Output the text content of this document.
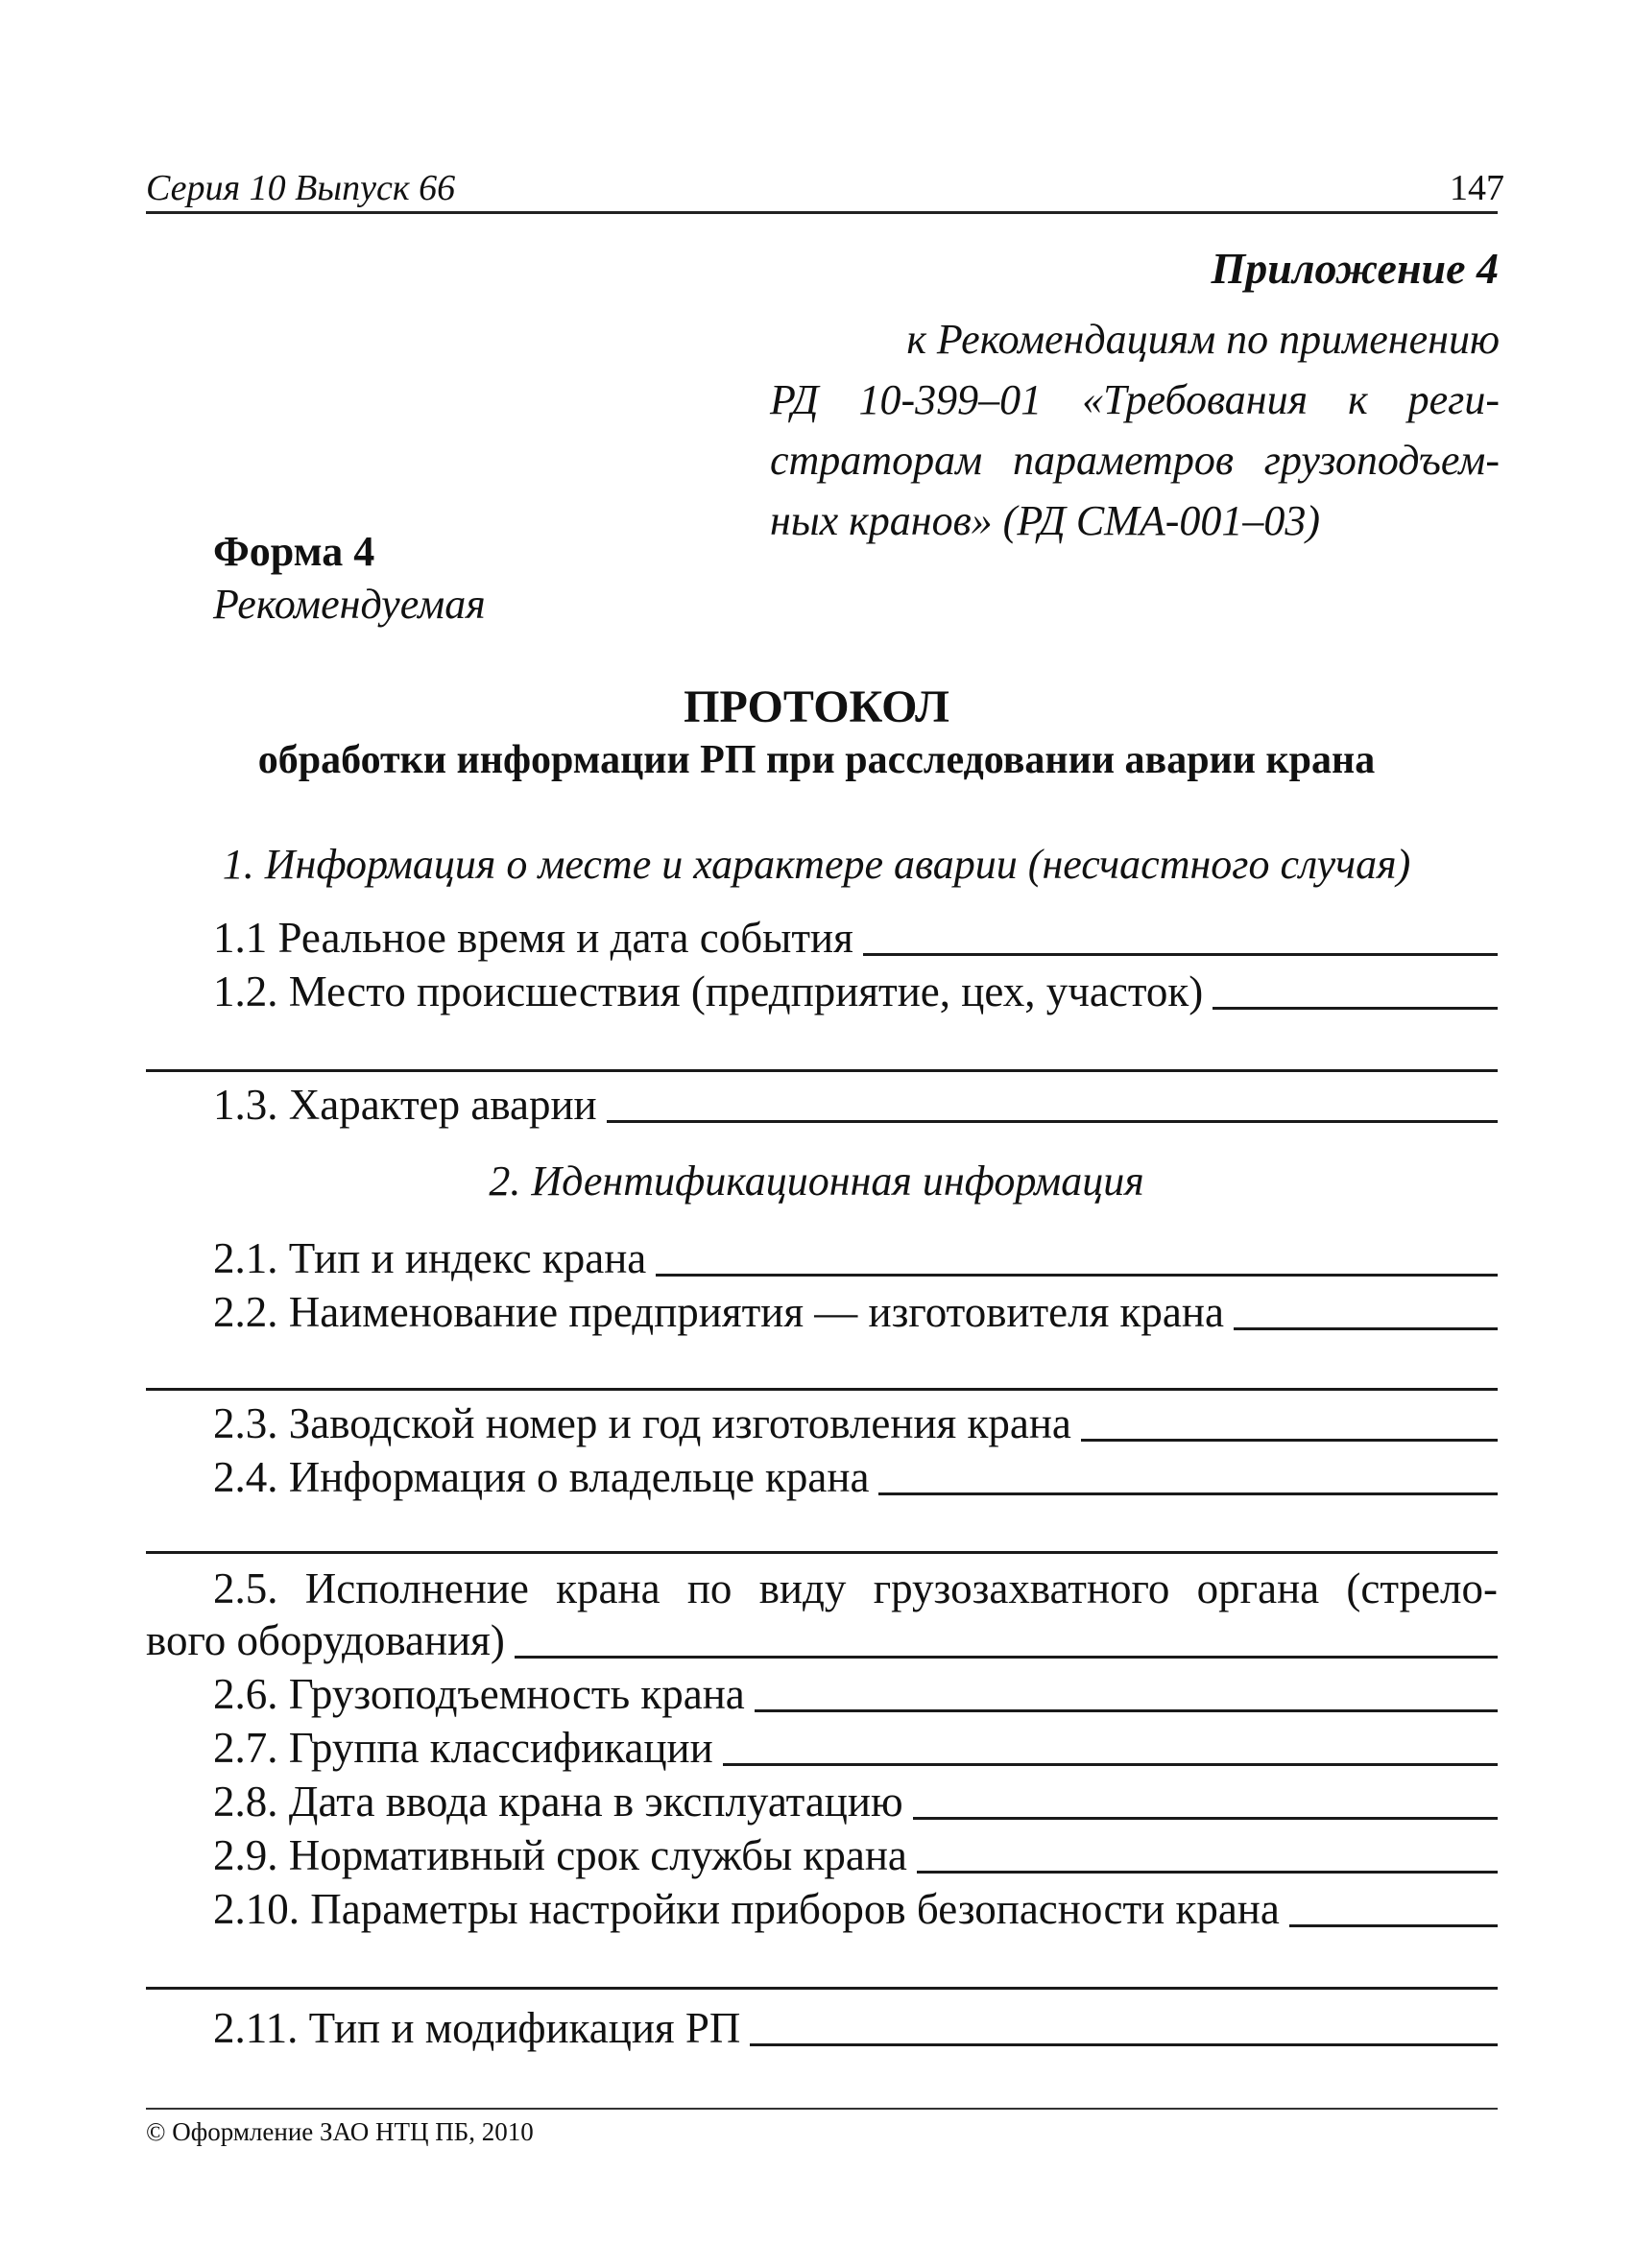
Серия 10 Выпуск 66	147
Приложение 4
к Рекомендациям по применению
РД 10-399–01 «Требования к реги-
страторам параметров грузоподъем-
ных кранов» (РД СМА-001–03)
Форма 4
Рекомендуемая
ПРОТОКОЛ
обработки информации РП при расследовании аварии крана
1. Информация о месте и характере аварии (несчастного случая)
1.1 Реальное время и дата события
1.2. Место происшествия (предприятие, цех, участок)
1.3. Характер аварии
2. Идентификационная информация
2.1. Тип и индекс крана
2.2. Наименование предприятия — изготовителя крана
2.3. Заводской номер и год изготовления крана
2.4. Информация о владельце крана
2.5. Исполнение крана по виду грузозахватного органа (стрело-
вого оборудования)
2.6. Грузоподъемность крана
2.7. Группа классификации
2.8. Дата ввода крана в эксплуатацию
2.9. Нормативный срок службы крана
2.10. Параметры настройки приборов безопасности крана
2.11. Тип и модификация РП
© Оформление ЗАО НТЦ ПБ, 2010
